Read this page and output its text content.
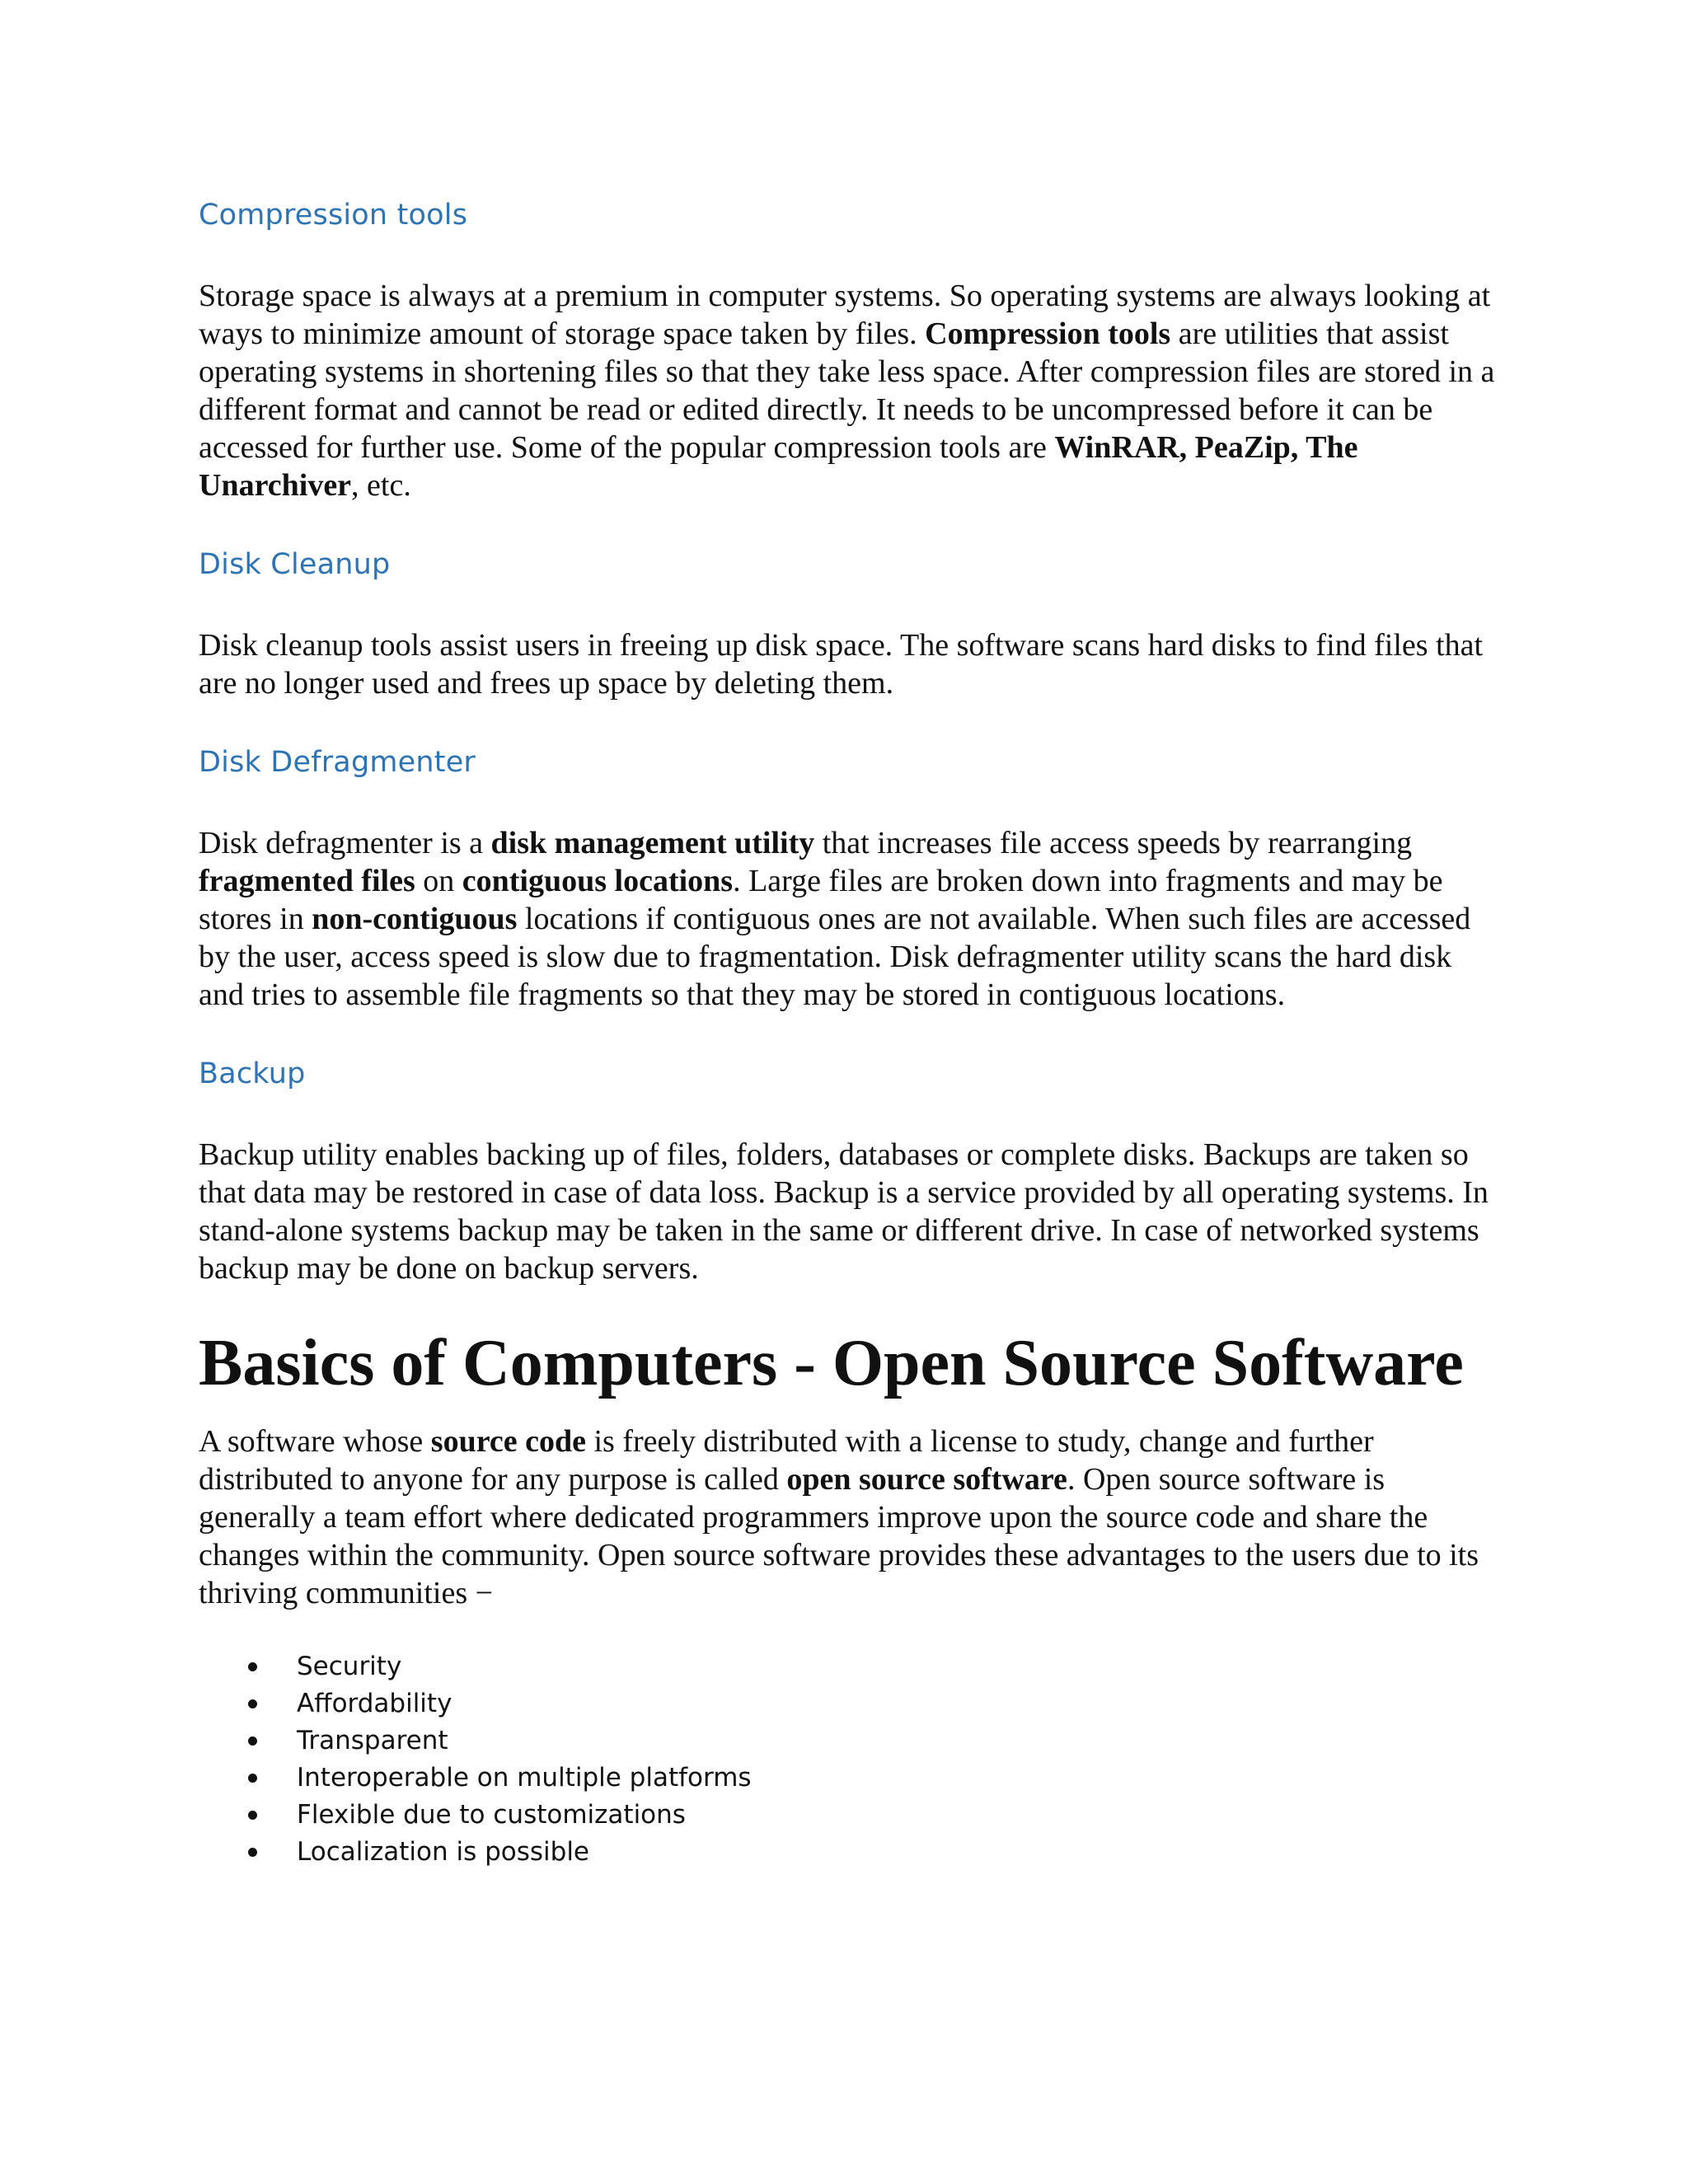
Compression tools

Storage space is always at a premium in computer systems. So operating systems are always looking at ways to minimize amount of storage space taken by files. Compression tools are utilities that assist operating systems in shortening files so that they take less space. After compression files are stored in a different format and cannot be read or edited directly. It needs to be uncompressed before it can be accessed for further use. Some of the popular compression tools are WinRAR, PeaZip, The Unarchiver, etc.

Disk Cleanup

Disk cleanup tools assist users in freeing up disk space. The software scans hard disks to find files that are no longer used and frees up space by deleting them.

Disk Defragmenter

Disk defragmenter is a disk management utility that increases file access speeds by rearranging fragmented files on contiguous locations. Large files are broken down into fragments and may be stores in non-contiguous locations if contiguous ones are not available. When such files are accessed by the user, access speed is slow due to fragmentation. Disk defragmenter utility scans the hard disk and tries to assemble file fragments so that they may be stored in contiguous locations.

Backup

Backup utility enables backing up of files, folders, databases or complete disks. Backups are taken so that data may be restored in case of data loss. Backup is a service provided by all operating systems. In stand-alone systems backup may be taken in the same or different drive. In case of networked systems backup may be done on backup servers.

Basics of Computers - Open Source Software

A software whose source code is freely distributed with a license to study, change and further distributed to anyone for any purpose is called open source software. Open source software is generally a team effort where dedicated programmers improve upon the source code and share the changes within the community. Open source software provides these advantages to the users due to its thriving communities −

Security
Affordability
Transparent
Interoperable on multiple platforms
Flexible due to customizations
Localization is possible
